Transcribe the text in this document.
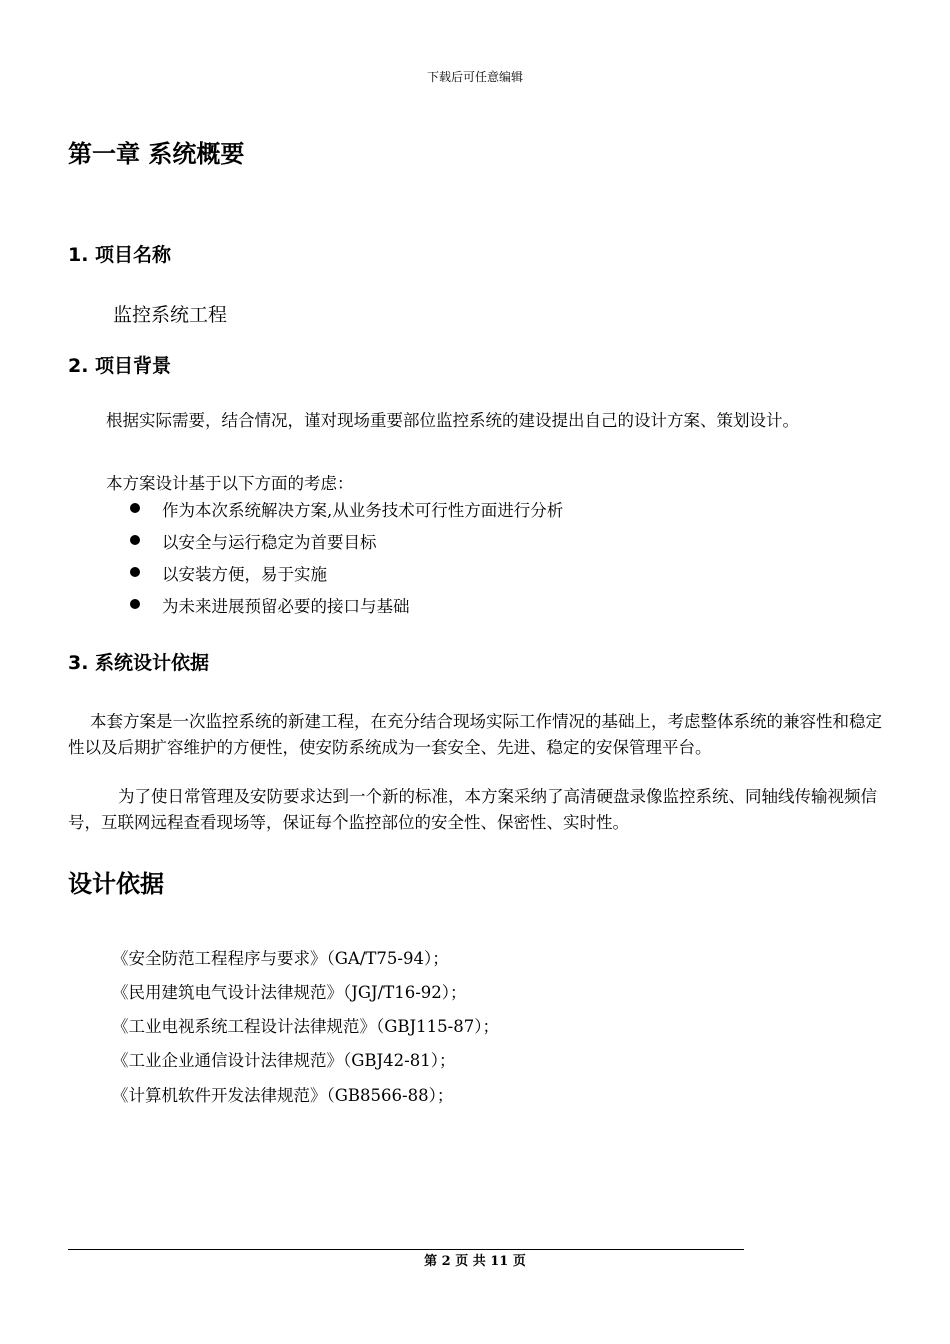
下载后可任意编辑
第一章 系统概要
1. 项目名称
监控系统工程
2. 项目背景
根据实际需要，结合情况，谨对现场重要部位监控系统的建设提出自己的设计方案、策划设计。
本方案设计基于以下方面的考虑：
作为本次系统解决方案,从业务技术可行性方面进行分析
以安全与运行稳定为首要目标
以安装方便，易于实施
为未来进展预留必要的接口与基础
3. 系统设计依据
本套方案是一次监控系统的新建工程，在充分结合现场实际工作情况的基础上，考虑整体系统的兼容性和稳定性以及后期扩容维护的方便性，使安防系统成为一套安全、先进、稳定的安保管理平台。
为了使日常管理及安防要求达到一个新的标准，本方案采纳了高清硬盘录像监控系统、同轴线传输视频信号，互联网远程查看现场等，保证每个监控部位的安全性、保密性、实时性。
设计依据
《安全防范工程程序与要求》（GA/T75-94）；
《民用建筑电气设计法律规范》（JGJ/T16-92）；
《工业电视系统工程设计法律规范》（GBJ115-87）；
《工业企业通信设计法律规范》（GBJ42-81）；
《计算机软件开发法律规范》（GB8566-88）；
第 2 页 共 11 页
